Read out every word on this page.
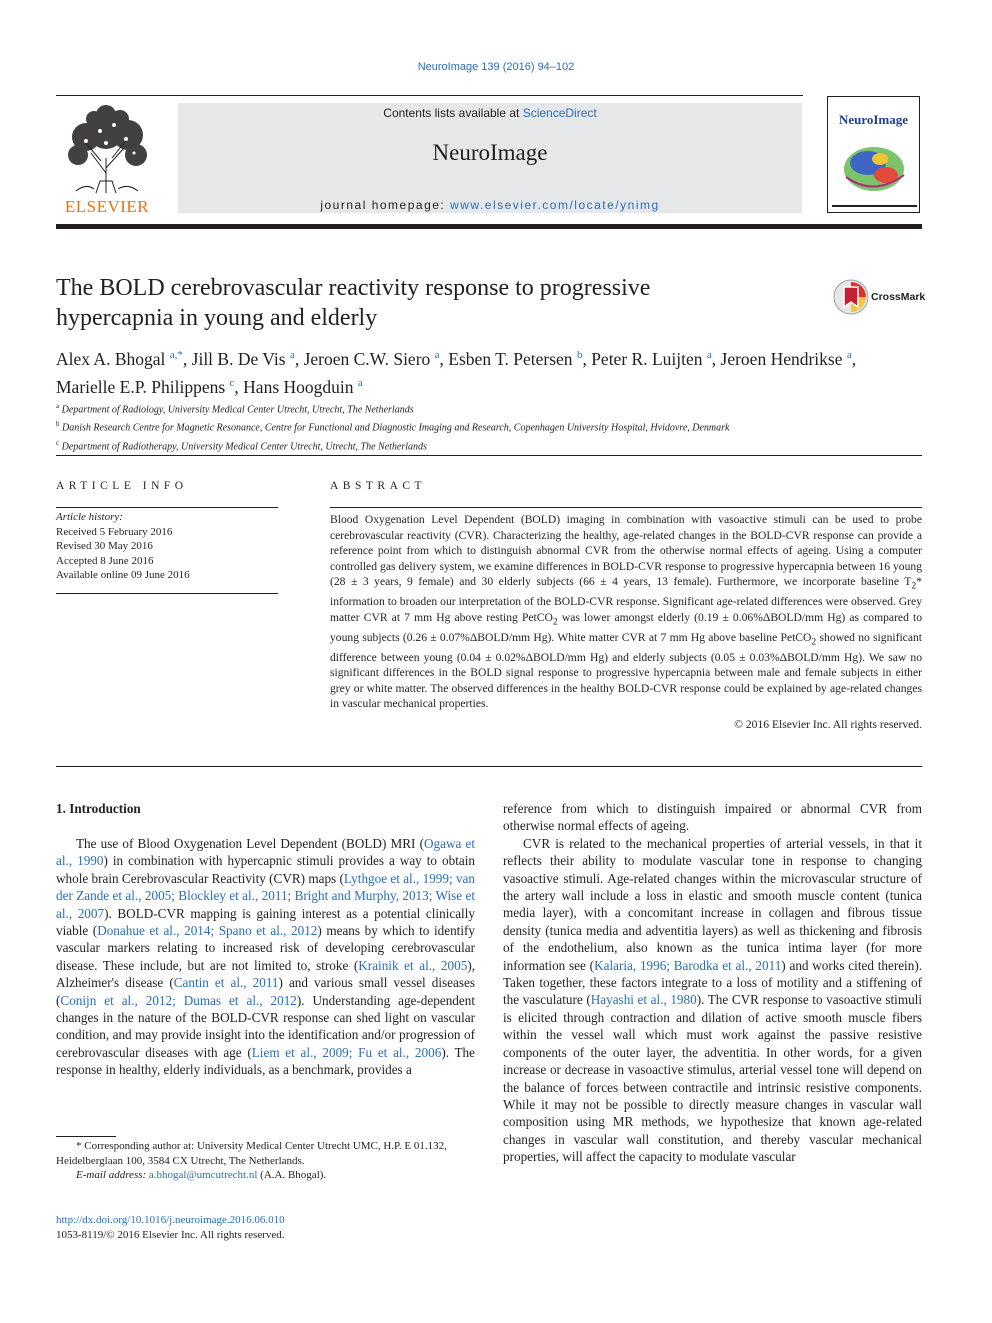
NeuroImage 139 (2016) 94–102
ELSEVIER
Contents lists available at ScienceDirect
NeuroImage
journal homepage: www.elsevier.com/locate/ynimg
NeuroImage
The BOLD cerebrovascular reactivity response to progressive
hypercapnia in young and elderly
CrossMark
Alex A. Bhogal $^{a,*}$, Jill B. De Vis $^a$, Jeroen C.W. Siero $^a$, Esben T. Petersen $^b$, Peter R. Luijten $^a$, Jeroen Hendrikse $^a$,
Marielle E.P. Philippens $^c$, Hans Hoogduin $^a$
$^a$ Department of Radiology, University Medical Center Utrecht, Utrecht, The Netherlands
$^b$ Danish Research Centre for Magnetic Resonance, Centre for Functional and Diagnostic Imaging and Research, Copenhagen University Hospital, Hvidovre, Denmark
$^c$ Department of Radiotherapy, University Medical Center Utrecht, Utrecht, The Netherlands
ARTICLE INFO	ABSTRACT
Article history:
Received 5 February 2016
Revised 30 May 2016
Accepted 8 June 2016
Available online 09 June 2016
Blood Oxygenation Level Dependent (BOLD) imaging in combination with vasoactive stimuli can be used to probe cerebrovascular reactivity (CVR). Characterizing the healthy, age-related changes in the BOLD-CVR response can provide a reference point from which to distinguish abnormal CVR from the otherwise normal effects of ageing. Using a computer controlled gas delivery system, we examine differences in BOLD-CVR response to progressive hypercapnia between 16 young (28 ± 3 years, 9 female) and 30 elderly subjects (66 ± 4 years, 13 female). Furthermore, we incorporate baseline $T_2*$ information to broaden our interpretation of the BOLD-CVR response. Significant age-related differences were observed. Grey matter CVR at 7 mm Hg above resting PetCO$_2$ was lower amongst elderly (0.19 ± 0.06%ΔBOLD/mm Hg) as compared to young subjects (0.26 ± 0.07%ΔBOLD/mm Hg). White matter CVR at 7 mm Hg above baseline PetCO$_2$ showed no significant difference between young (0.04 ± 0.02%ΔBOLD/mm Hg) and elderly subjects (0.05 ± 0.03%ΔBOLD/mm Hg). We saw no significant differences in the BOLD signal response to progressive hypercapnia between male and female subjects in either grey or white matter. The observed differences in the healthy BOLD-CVR response could be explained by age-related changes in vascular mechanical properties.
© 2016 Elsevier Inc. All rights reserved.
1. Introduction
The use of Blood Oxygenation Level Dependent (BOLD) MRI (Ogawa et al., 1990) in combination with hypercapnic stimuli provides a way to obtain whole brain Cerebrovascular Reactivity (CVR) maps (Lythgoe et al., 1999; van der Zande et al., 2005; Blockley et al., 2011; Bright and Murphy, 2013; Wise et al., 2007). BOLD-CVR mapping is gaining interest as a potential clinically viable (Donahue et al., 2014; Spano et al., 2012) means by which to identify vascular markers relating to increased risk of developing cerebrovascular disease. These include, but are not limited to, stroke (Krainik et al., 2005), Alzheimer's disease (Cantin et al., 2011) and various small vessel diseases (Conijn et al., 2012; Dumas et al., 2012). Understanding age-dependent changes in the nature of the BOLD-CVR response can shed light on vascular condition, and may provide insight into the identification and/or progression of cerebrovascular diseases with age (Liem et al., 2009; Fu et al., 2006). The response in healthy, elderly individuals, as a benchmark, provides a
reference from which to distinguish impaired or abnormal CVR from otherwise normal effects of ageing.
CVR is related to the mechanical properties of arterial vessels, in that it reflects their ability to modulate vascular tone in response to changing vasoactive stimuli. Age-related changes within the microvascular structure of the artery wall include a loss in elastic and smooth muscle content (tunica media layer), with a concomitant increase in collagen and fibrous tissue density (tunica media and adventitia layers) as well as thickening and fibrosis of the endothelium, also known as the tunica intima layer (for more information see (Kalaria, 1996; Barodka et al., 2011) and works cited therein). Taken together, these factors integrate to a loss of motility and a stiffening of the vasculature (Hayashi et al., 1980). The CVR response to vasoactive stimuli is elicited through contraction and dilation of active smooth muscle fibers within the vessel wall which must work against the passive resistive components of the outer layer, the adventitia. In other words, for a given increase or decrease in vasoactive stimulus, arterial vessel tone will depend on the balance of forces between contractile and intrinsic resistive components. While it may not be possible to directly measure changes in vascular wall composition using MR methods, we hypothesize that known age-related changes in vascular wall constitution, and thereby vascular mechanical properties, will affect the capacity to modulate vascular
* Corresponding author at: University Medical Center Utrecht UMC, H.P. E 01.132, Heidelberglaan 100, 3584 CX Utrecht, The Netherlands.
E-mail address: a.bhogal@umcutrecht.nl (A.A. Bhogal).
http://dx.doi.org/10.1016/j.neuroimage.2016.06.010
1053-8119/© 2016 Elsevier Inc. All rights reserved.
